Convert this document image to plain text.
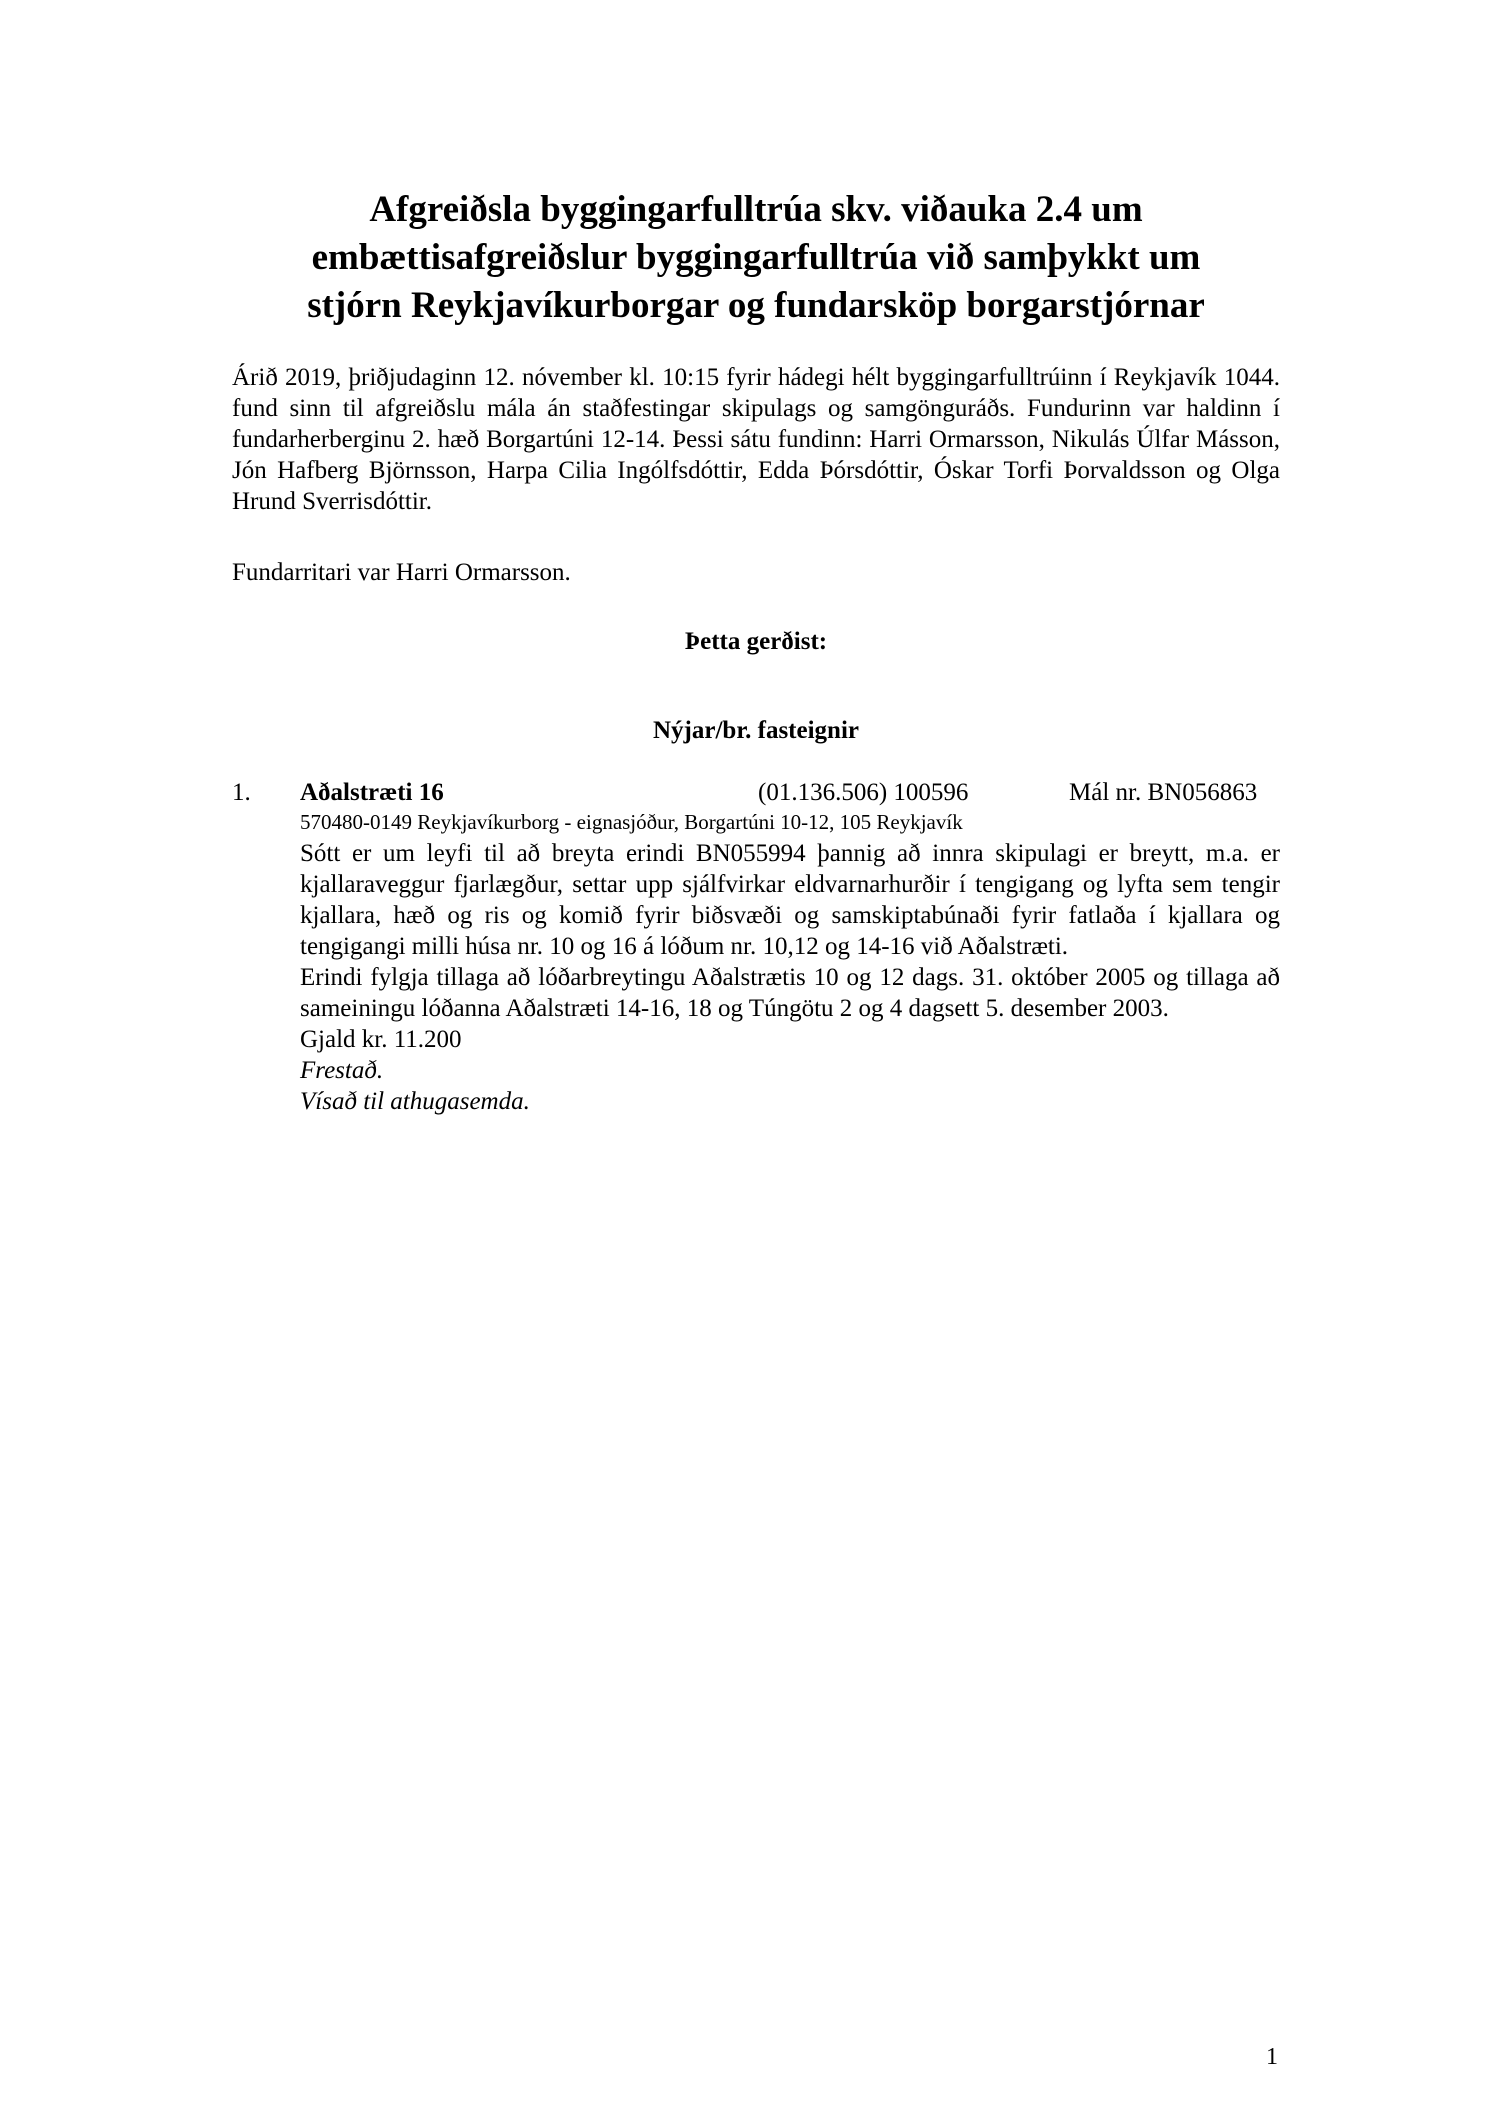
Afgreiðsla byggingarfulltrúa skv. viðauka 2.4 um
embættisafgreiðslur byggingarfulltrúa við samþykkt um
stjórn Reykjavíkurborgar og fundarsköp borgarstjórnar

Árið 2019, þriðjudaginn 12. nóvember kl. 10:15 fyrir hádegi hélt byggingarfulltrúinn í Reykjavík 1044. fund sinn til afgreiðslu mála án staðfestingar skipulags og samgönguráðs. Fundurinn var haldinn í fundarherberginu 2. hæð Borgartúni 12-14. Þessi sátu fundinn: Harri Ormarsson, Nikulás Úlfar Másson, Jón Hafberg Björnsson, Harpa Cilia Ingólfsdóttir, Edda Þórsdóttir, Óskar Torfi Þorvaldsson og Olga Hrund Sverrisdóttir.

Fundarritari var Harri Ormarsson.

Þetta gerðist:
Nýjar/br. fasteignir
1.	Aðalstræti 16	(01.136.506) 100596	Mál nr. BN056863
570480-0149 Reykjavíkurborg - eignasjóður, Borgartúni 10-12, 105 Reykjavík

Sótt er um leyfi til að breyta erindi BN055994 þannig að innra skipulagi er breytt, m.a. er kjallaraveggur fjarlægður, settar upp sjálfvirkar eldvarnarhurðir í tengigang og lyfta sem tengir kjallara, hæð og ris og komið fyrir biðsvæði og samskiptabúnaði fyrir fatlaða í kjallara og tengigangi milli húsa nr. 10 og 16 á lóðum nr. 10,12 og 14-16 við Aðalstræti.

Erindi fylgja tillaga að lóðarbreytingu Aðalstrætis 10 og 12 dags. 31. október 2005 og tillaga að sameiningu lóðanna Aðalstræti 14-16, 18 og Túngötu 2 og 4 dagsett 5. desember 2003.

Gjald kr. 11.200

Frestað.

Vísað til athugasemda.

1
